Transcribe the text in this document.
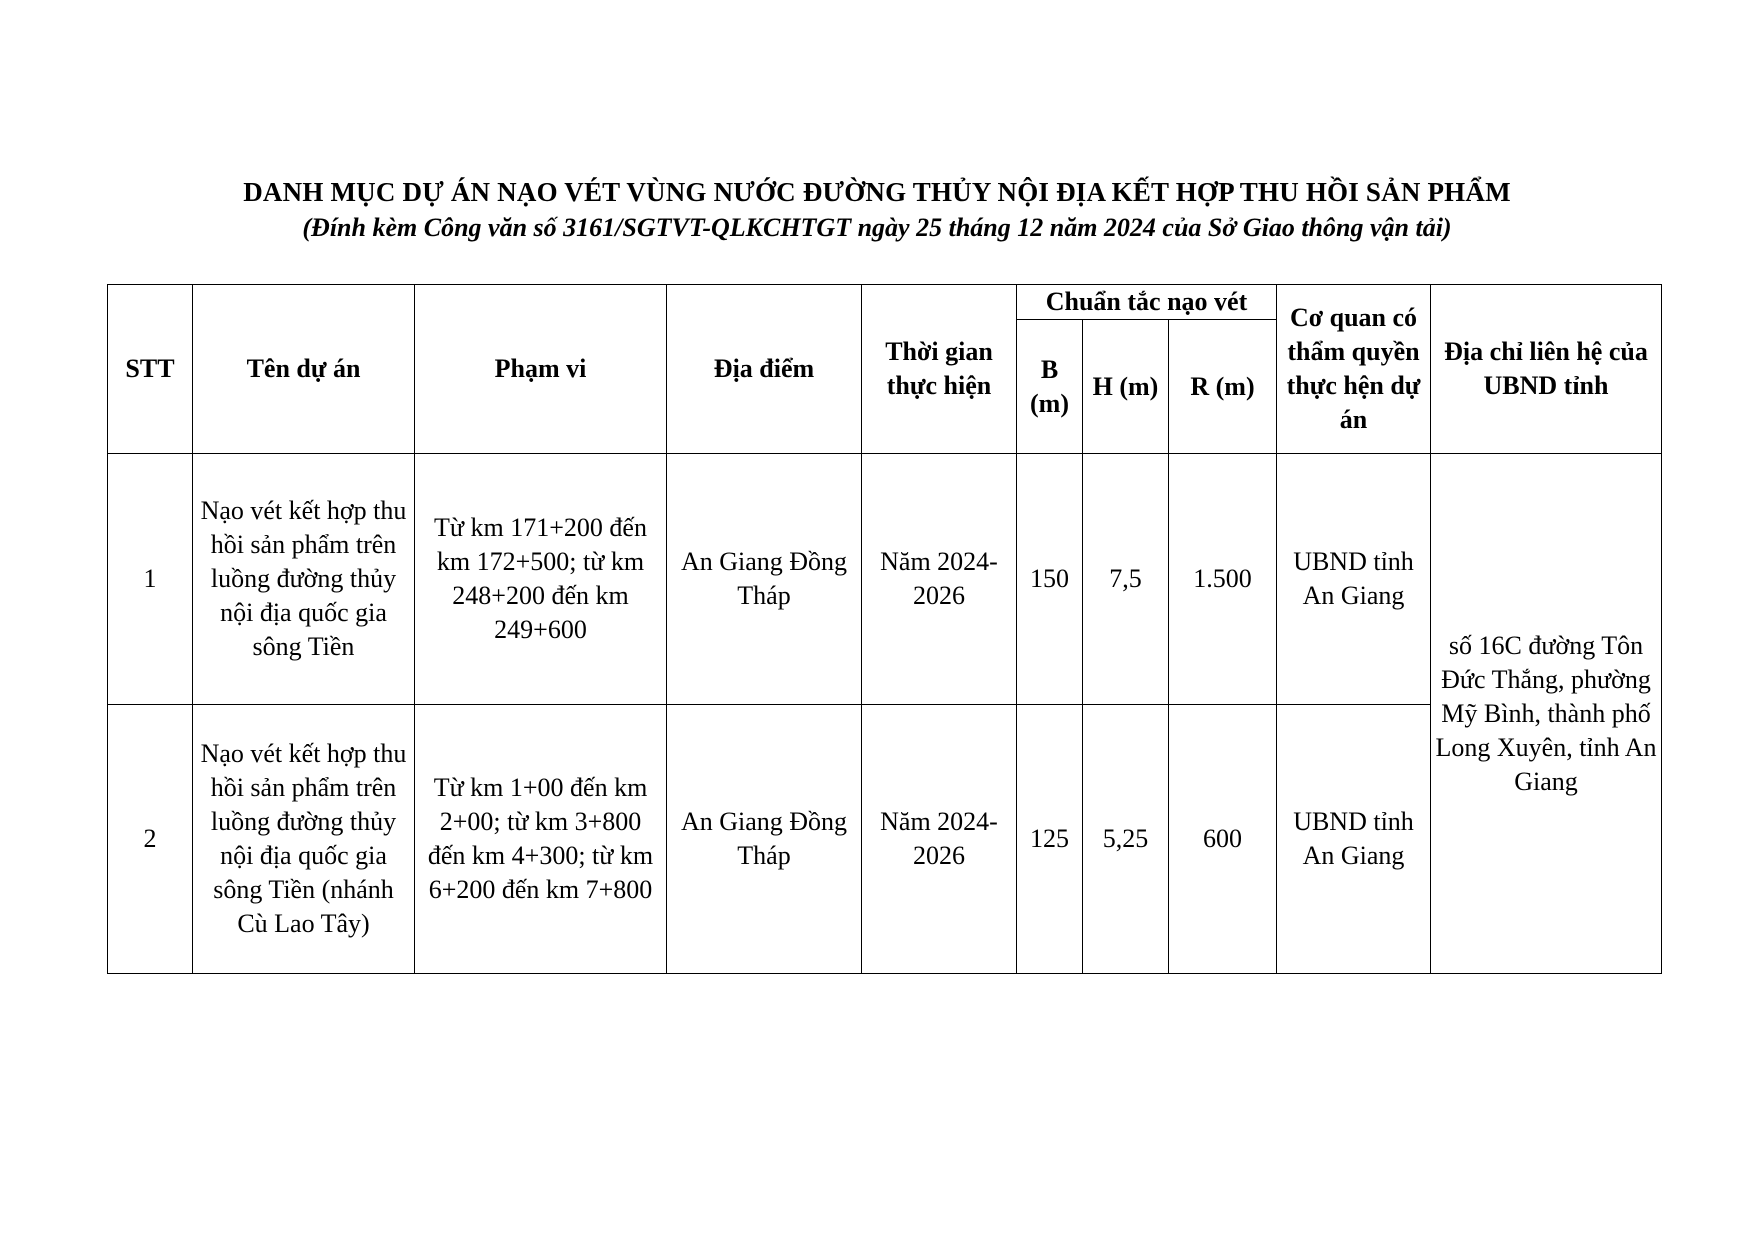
DANH MỤC DỰ ÁN NẠO VÉT VÙNG NƯỚC ĐƯỜNG THỦY NỘI ĐỊA KẾT HỢP THU HỒI SẢN PHẨM
(Đính kèm Công văn số 3161/SGTVT-QLKCHTGT ngày 25 tháng 12 năm 2024 của Sở Giao thông vận tải)
STT	Tên dự án	Phạm vi	Địa điểm	Thời gian thực hiện	Chuẩn tắc nạo vét			Cơ quan có thẩm quyền thực hện dự án	Địa chỉ liên hệ của UBND tỉnh
					B (m)	H (m)	R (m)		
1	Nạo vét kết hợp thu hồi sản phẩm trên luồng đường thủy nội địa quốc gia sông Tiền	Từ km 171+200 đến km 172+500; từ km 248+200 đến km 249+600	An Giang Đồng Tháp	Năm 2024-2026	150	7,5	1.500	UBND tỉnh An Giang	số 16C đường Tôn Đức Thắng, phường Mỹ Bình, thành phố Long Xuyên, tỉnh An Giang
2	Nạo vét kết hợp thu hồi sản phẩm trên luồng đường thủy nội địa quốc gia sông Tiền (nhánh Cù Lao Tây)	Từ km 1+00 đến km 2+00; từ km 3+800 đến km 4+300; từ km 6+200 đến km 7+800	An Giang Đồng Tháp	Năm 2024-2026	125	5,25	600	UBND tỉnh An Giang	
